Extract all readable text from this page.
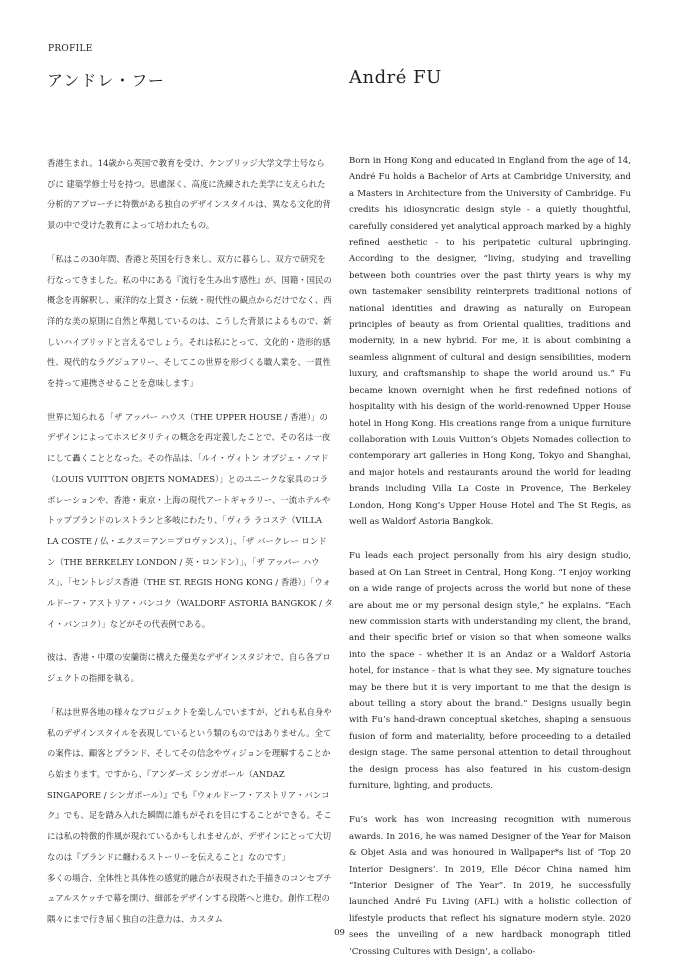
PROFILE
アンドレ・フー	André FU

香港生まれ。14歳から英国で教育を受け、ケンブリッジ大学文学士号ならびに 建築学修士号を持つ。思慮深く、高度に洗練された美学に支えられた分析的アプローチに特徴がある独自のデザインスタイルは、異なる文化的背景の中で受けた教育によって培われたもの。

「私はこの30年間、香港と英国を行き来し、双方に暮らし、双方で研究を行なってきました。私の中にある『流行を生み出す感性』が、国籍・国民の概念を再解釈し、東洋的な上質さ・伝統・現代性の観点からだけでなく、西洋的な美の原則に自然と準拠しているのは、こうした背景によるもので、新しいハイブリッドと言えるでしょう。それは私にとって、文化的・造形的感性、現代的なラグジュアリー、そしてこの世界を形づくる職人業を、一貫性を持って連携させることを意味します」

世界に知られる「ザ アッパー ハウス（THE UPPER HOUSE / 香港）」のデザインによってホスピタリティの概念を再定義したことで、その名は一夜にして轟くこととなった。その作品は、「ルイ・ヴィトン オブジェ・ノマド（LOUIS VUITTON OBJETS NOMADES）」とのユニークな家具のコラボレーションや、香港・東京・上海の現代アートギャラリー、一流ホテルやトップブランドのレストランと多岐にわたり、「ヴィラ ラコステ（VILLA LA COSTE / 仏・エクス＝アン＝プロヴァンス）」、「ザ バークレー ロンドン（THE BERKELEY LONDON / 英・ロンドン）」、「ザ アッパー ハウス」、「セントレジス香港（THE ST. REGIS HONG KONG / 香港）」「ウォルドーフ・アストリア・バンコク（WALDORF ASTORIA BANGKOK / タイ・バンコク）」などがその代表例である。

彼は、香港・中環の安蘭街に構えた優美なデザインスタジオで、自ら各プロジェクトの指揮を執る。

「私は世界各地の様々なプロジェクトを楽しんでいますが、どれも私自身や私のデザインスタイルを表現しているという類のものではありません。全ての案件は、顧客とブランド、そしてその信念やヴィジョンを理解することから始まります。ですから、『アンダーズ シンガポール（ANDAZ SINGAPORE / シンガポール）』でも『ウォルドーフ・アストリア・バンコク』でも、足を踏み入れた瞬間に誰もがそれを目にすることができる。そこには私の特徴的作風が現れているかもしれませんが、デザインにとって大切なのは『ブランドに纏わるストーリーを伝えること』なのです」

多くの場合、全体性と具体性の感覚的融合が表現された手描きのコンセプチュアルスケッチで幕を開け、細部をデザインする段階へと進む。創作工程の隅々にまで行き届く独自の注意力は、カスタム

Born in Hong Kong and educated in England from the age of 14, André Fu holds a Bachelor of Arts at Cambridge University, and a Masters in Architecture from the University of Cambridge. Fu credits his idiosyncratic design style - a quietly thoughtful, carefully considered yet analytical approach marked by a highly refined aesthetic - to his peripatetic cultural upbringing. According to the designer, “living, studying and travelling between both countries over the past thirty years is why my own tastemaker sensibility reinterprets traditional notions of national identities and drawing as naturally on European principles of beauty as from Oriental qualities, traditions and modernity, in a new hybrid. For me, it is about combining a seamless alignment of cultural and design sensibilities, modern luxury, and craftsmanship to shape the world around us.” Fu became known overnight when he first redefined notions of hospitality with his design of the world-renowned Upper House hotel in Hong Kong. His creations range from a unique furniture collaboration with Louis Vuitton’s Objets Nomades collection to contemporary art galleries in Hong Kong, Tokyo and Shanghai, and major hotels and restaurants around the world for leading brands including Villa La Coste in Provence, The Berkeley London, Hong Kong’s Upper House Hotel and The St Regis, as well as Waldorf Astoria Bangkok.

Fu leads each project personally from his airy design studio, based at On Lan Street in Central, Hong Kong. “I enjoy working on a wide range of projects across the world but none of these are about me or my personal design style,” he explains. “Each new commission starts with understanding my client, the brand, and their specific brief or vision so that when someone walks into the space - whether it is an Andaz or a Waldorf Astoria hotel, for instance - that is what they see. My signature touches may be there but it is very important to me that the design is about telling a story about the brand.” Designs usually begin with Fu’s hand-drawn conceptual sketches, shaping a sensuous fusion of form and materiality, before proceeding to a detailed design stage. The same personal attention to detail throughout the design process has also featured in his custom-design furniture, lighting, and products.

Fu’s work has won increasing recognition with numerous awards. In 2016, he was named Designer of the Year for Maison & Objet Asia and was honoured in Wallpaper*s list of ‘Top 20 Interior Designers’. In 2019, Elle Décor China named him “Interior Designer of The Year”. In 2019, he successfully launched André Fu Living (AFL) with a holistic collection of lifestyle products that reflect his signature modern style. 2020 sees the unveiling of a new hardback monograph titled ‘Crossing Cultures with Design’, a collabo-

09
